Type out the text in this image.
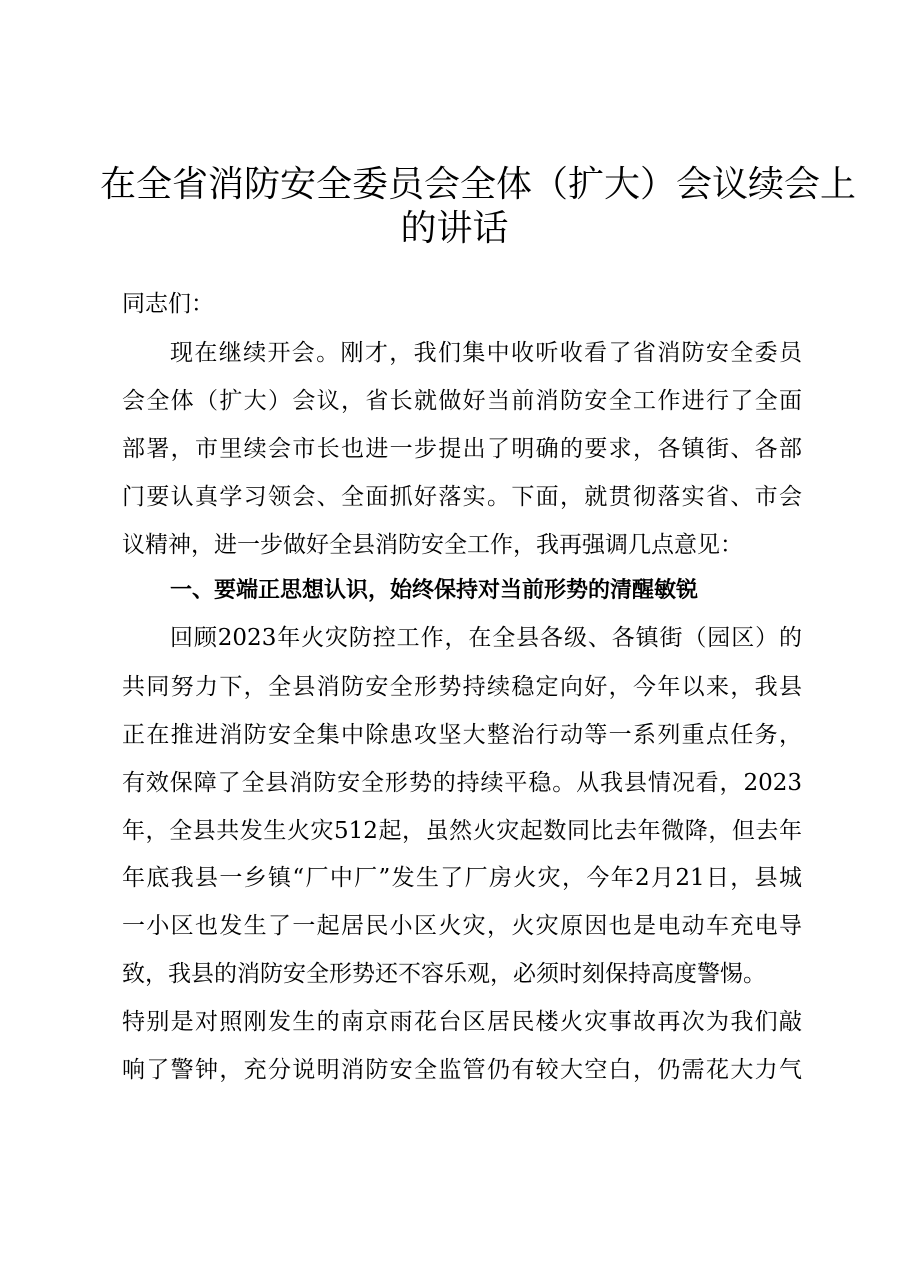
在全省消防安全委员会全体（扩大）会议续会上
的讲话
同志们：
现在继续开会。刚才，我们集中收听收看了省消防安全委员
会全体（扩大）会议，省长就做好当前消防安全工作进行了全面
部署，市里续会市长也进一步提出了明确的要求，各镇街、各部
门要认真学习领会、全面抓好落实。下面，就贯彻落实省、市会
议精神，进一步做好全县消防安全工作，我再强调几点意见：
一、要端正思想认识，始终保持对当前形势的清醒敏锐
回顾2023年火灾防控工作，在全县各级、各镇街（园区）的
共同努力下，全县消防安全形势持续稳定向好，今年以来，我县
正在推进消防安全集中除患攻坚大整治行动等一系列重点任务，
有效保障了全县消防安全形势的持续平稳。从我县情况看，2023
年，全县共发生火灾512起，虽然火灾起数同比去年微降，但去年
年底我县一乡镇“厂中厂”发生了厂房火灾，今年2月21日，县城
一小区也发生了一起居民小区火灾，火灾原因也是电动车充电导
致，我县的消防安全形势还不容乐观，必须时刻保持高度警惕。
特别是对照刚发生的南京雨花台区居民楼火灾事故再次为我们敲
响了警钟，充分说明消防安全监管仍有较大空白，仍需花大力气
